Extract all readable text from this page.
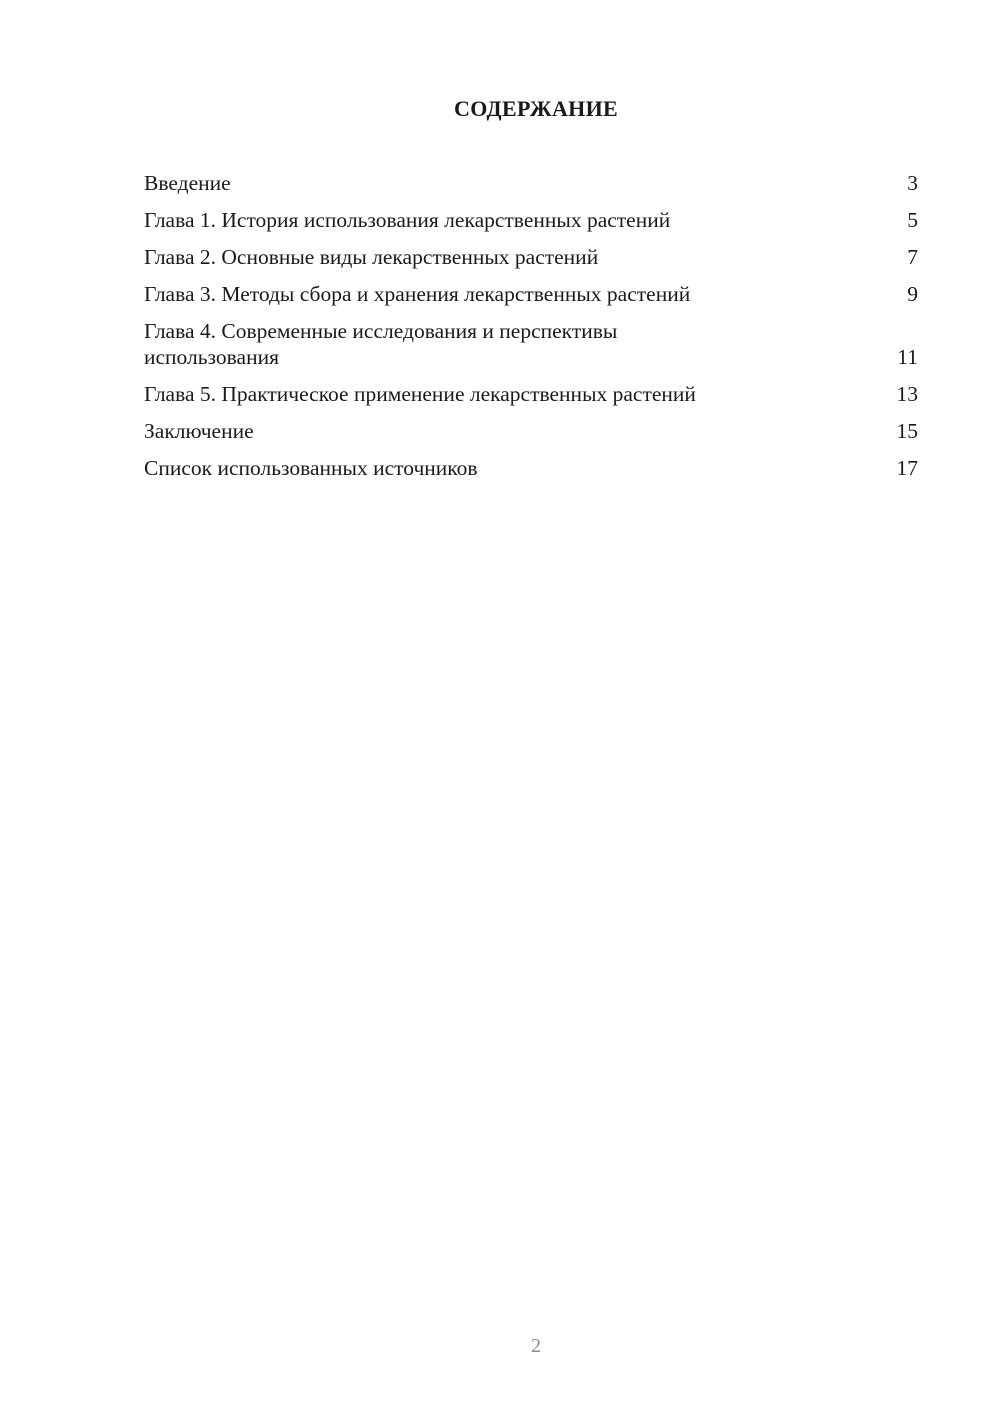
СОДЕРЖАНИЕ
Введение	3
Глава 1. История использования лекарственных растений	5
Глава 2. Основные виды лекарственных растений	7
Глава 3. Методы сбора и хранения лекарственных растений	9
Глава 4. Современные исследования и перспективы использования	11
Глава 5. Практическое применение лекарственных растений	13
Заключение	15
Список использованных источников	17
2
